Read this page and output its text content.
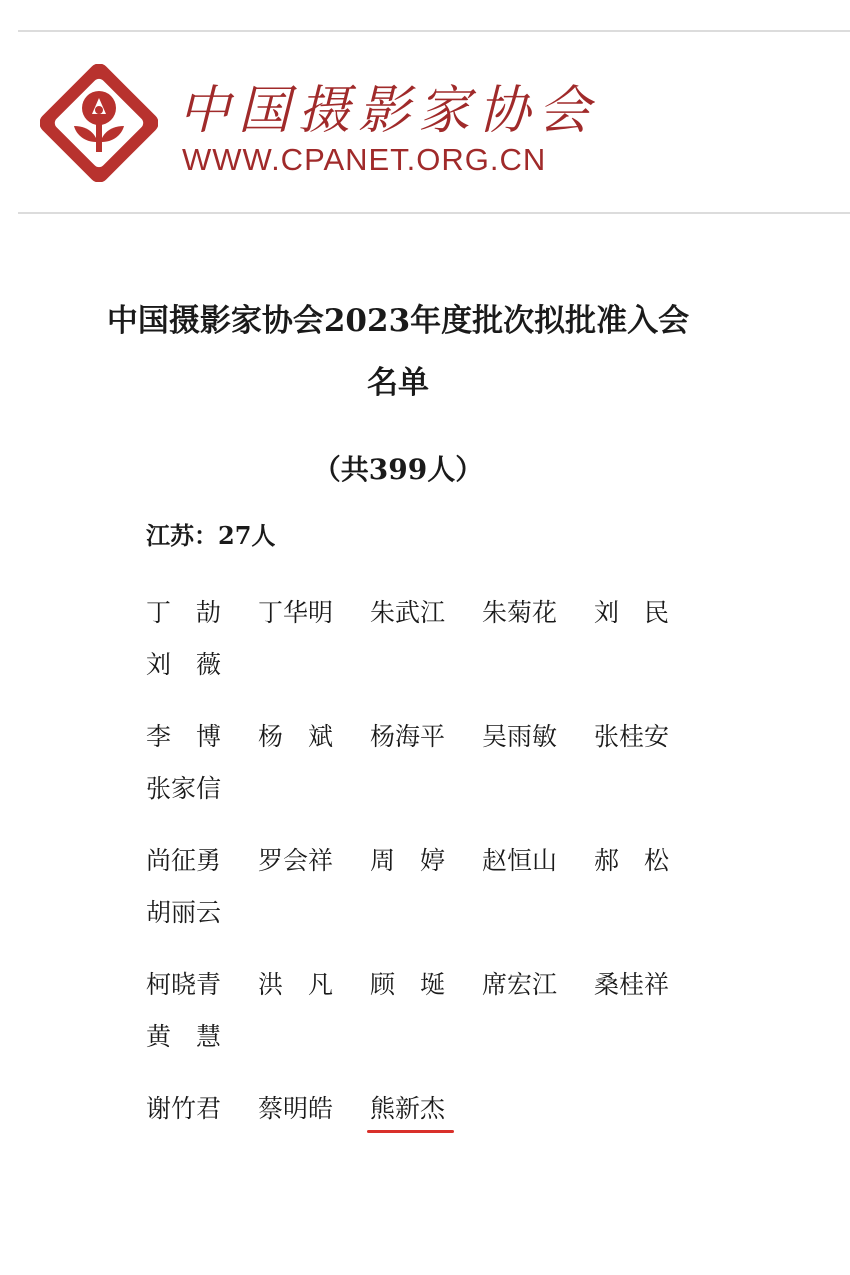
中国摄影家协会
WWW.CPANET.ORG.CN
中国摄影家协会2023年度批次拟批准入会
名单
（共399人）
江苏：27人
丁　劼	丁华明	朱武江	朱菊花	刘　民
刘　薇
李　博	杨　斌	杨海平	吴雨敏	张桂安
张家信
尚征勇	罗会祥	周　婷	赵恒山	郝　松
胡丽云
柯晓青	洪　凡	顾　埏	席宏江	桑桂祥
黄　慧
谢竹君	蔡明皓	熊新杰
